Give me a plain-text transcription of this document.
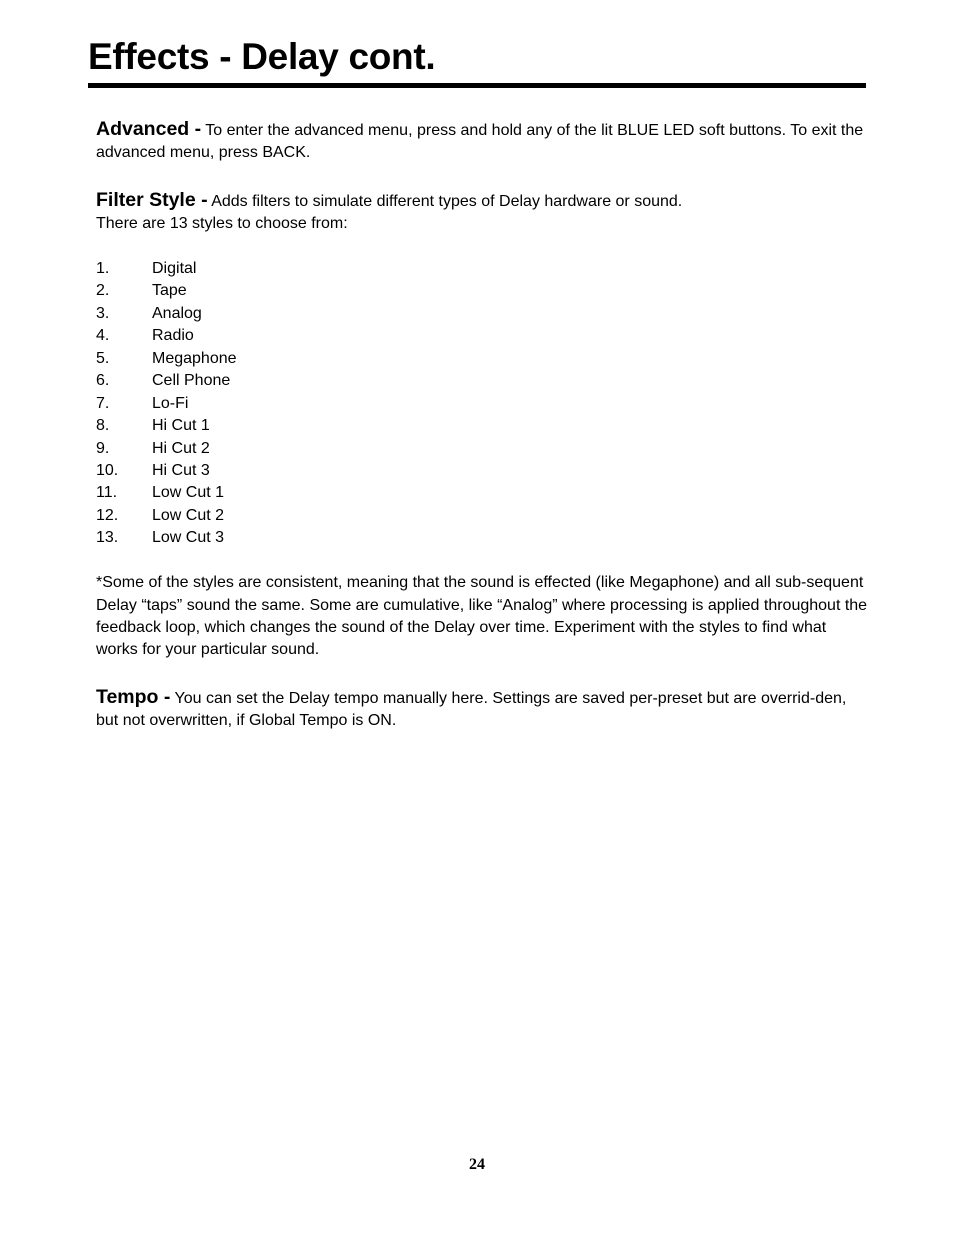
Effects - Delay cont.

Advanced - To enter the advanced menu, press and hold any of the lit BLUE LED soft buttons. To exit the advanced menu, press BACK.

Filter Style - Adds filters to simulate different types of Delay hardware or sound.
There are 13 styles to choose from:

1.	Digital
2.	Tape
3.	Analog
4.	Radio
5.	Megaphone
6.	Cell Phone
7.	Lo-Fi
8.	Hi Cut 1
9.	Hi Cut 2
10.	Hi Cut 3
11.	Low Cut 1
12.	Low Cut 2
13.	Low Cut 3

*Some of the styles are consistent, meaning that the sound is effected (like Megaphone) and all sub-sequent Delay “taps” sound the same. Some are cumulative, like “Analog” where processing is applied throughout the feedback loop, which changes the sound of the Delay over time. Experiment with the styles to find what works for your particular sound.

Tempo - You can set the Delay tempo manually here. Settings are saved per-preset but are overrid-den, but not overwritten, if Global Tempo is ON.

24
